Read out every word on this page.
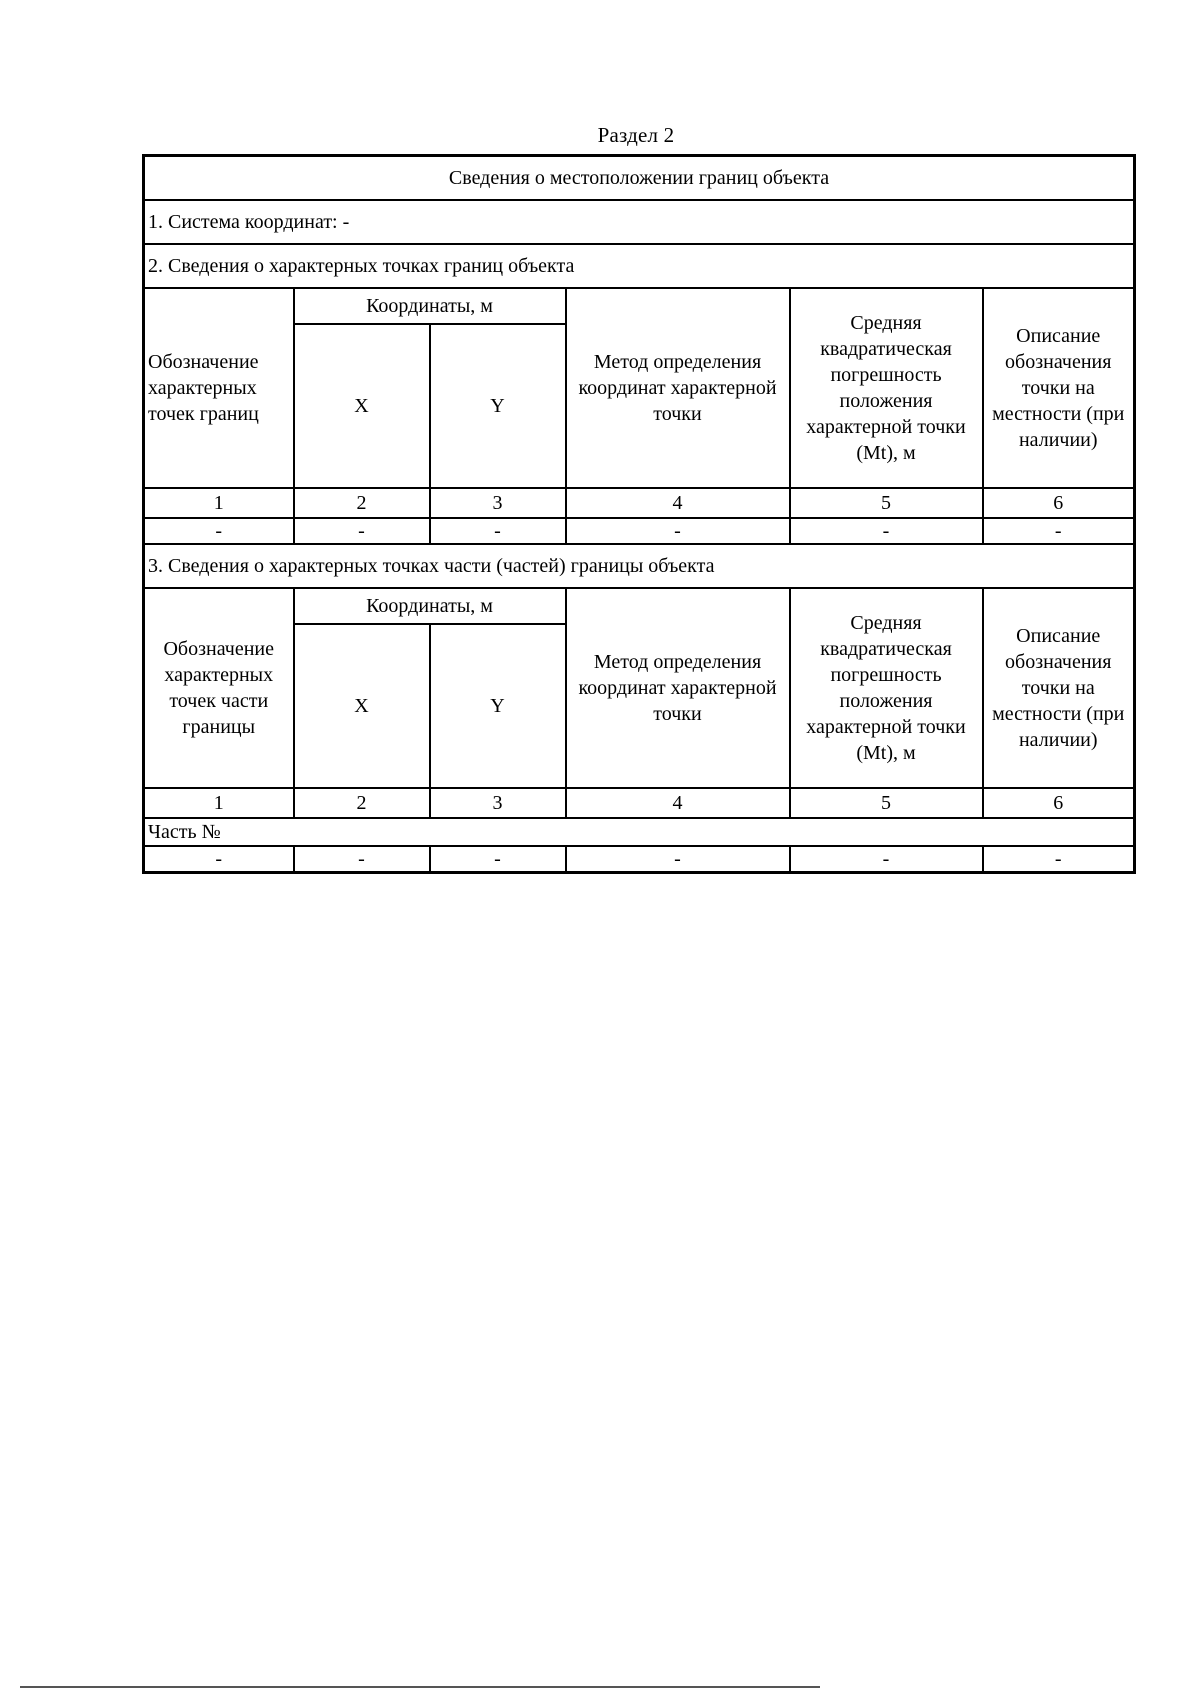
Раздел 2
Сведения о местоположении границ объекта					
1. Система координат: -					
2. Сведения о характерных точках границ объекта					
Обозначение характерных точек границ	Координаты, м		Метод определения координат характерной точки	Средняя квадратическая погрешность положения характерной точки (Mt), м	Описание обозначения точки на местности (при наличии)
	X	Y			
1	2	3	4	5	6
-	-	-	-	-	-
3. Сведения о характерных точках части (частей) границы объекта					
Обозначение характерных точек части границы	Координаты, м		Метод определения координат характерной точки	Средняя квадратическая погрешность положения характерной точки (Mt), м	Описание обозначения точки на местности (при наличии)
	X	Y			
1	2	3	4	5	6
Часть №					
-	-	-	-	-	-
